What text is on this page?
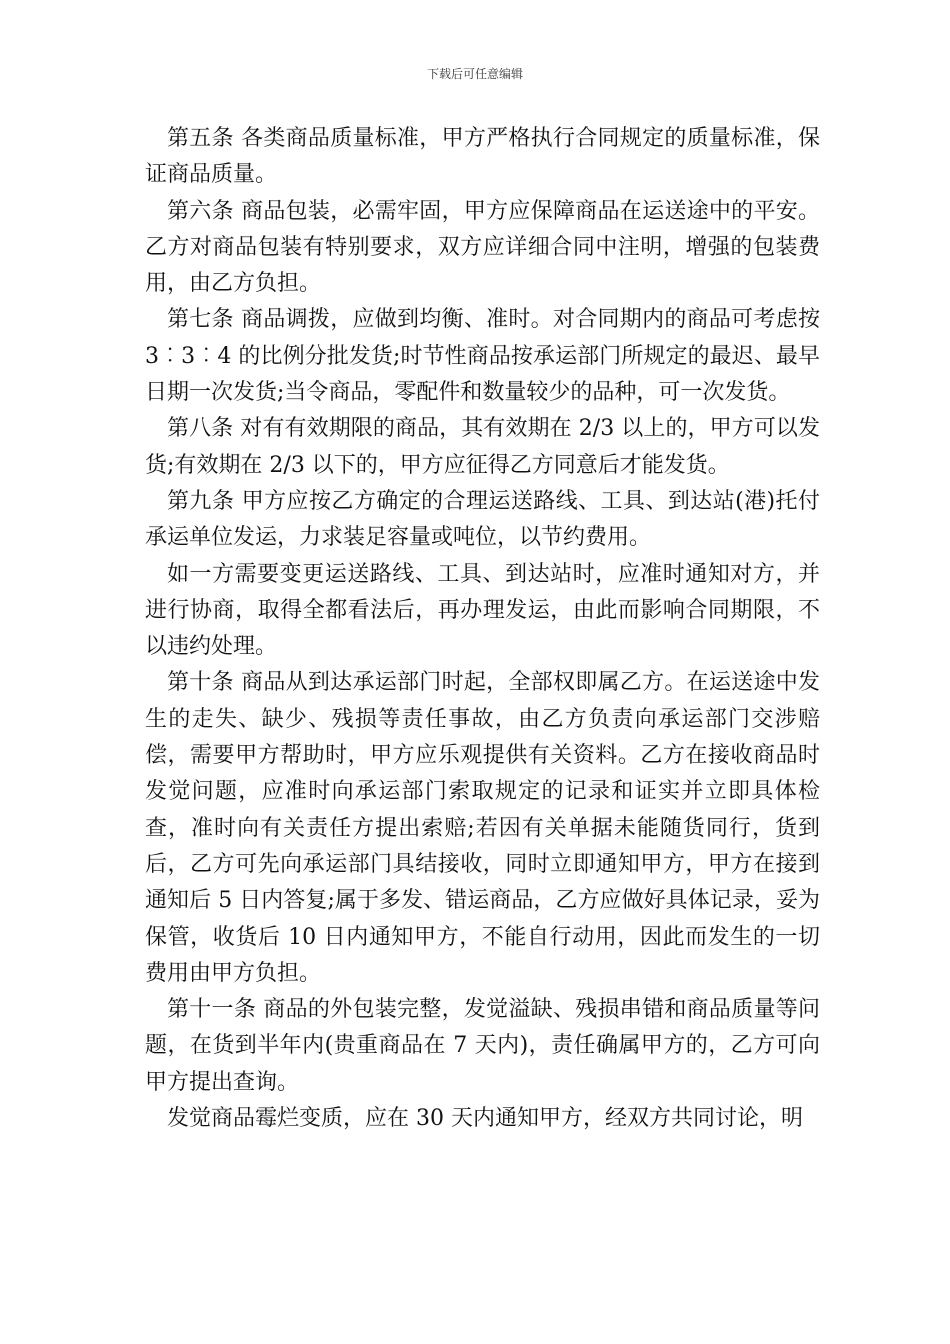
下载后可任意编辑

第五条 各类商品质量标准，甲方严格执行合同规定的质量标准，保证商品质量。

第六条 商品包装，必需牢固，甲方应保障商品在运送途中的平安。乙方对商品包装有特别要求，双方应详细合同中注明，增强的包装费用，由乙方负担。

第七条 商品调拨，应做到均衡、准时。对合同期内的商品可考虑按 3︰3︰4 的比例分批发货;时节性商品按承运部门所规定的最迟、最早日期一次发货;当令商品，零配件和数量较少的品种，可一次发货。

第八条 对有有效期限的商品，其有效期在 2/3 以上的，甲方可以发货;有效期在 2/3 以下的，甲方应征得乙方同意后才能发货。

第九条 甲方应按乙方确定的合理运送路线、工具、到达站(港)托付承运单位发运，力求装足容量或吨位，以节约费用。

如一方需要变更运送路线、工具、到达站时，应准时通知对方，并进行协商，取得全都看法后，再办理发运，由此而影响合同期限，不以违约处理。

第十条 商品从到达承运部门时起，全部权即属乙方。在运送途中发生的走失、缺少、残损等责任事故，由乙方负责向承运部门交涉赔偿，需要甲方帮助时，甲方应乐观提供有关资料。乙方在接收商品时发觉问题，应准时向承运部门索取规定的记录和证实并立即具体检查，准时向有关责任方提出索赔;若因有关单据未能随货同行，货到后，乙方可先向承运部门具结接收，同时立即通知甲方，甲方在接到通知后 5 日内答复;属于多发、错运商品，乙方应做好具体记录，妥为保管，收货后 10 日内通知甲方，不能自行动用，因此而发生的一切费用由甲方负担。

第十一条 商品的外包装完整，发觉溢缺、残损串错和商品质量等问题，在货到半年内(贵重商品在 7 天内)，责任确属甲方的，乙方可向甲方提出查询。

发觉商品霉烂变质，应在 30 天内通知甲方，经双方共同讨论，明
